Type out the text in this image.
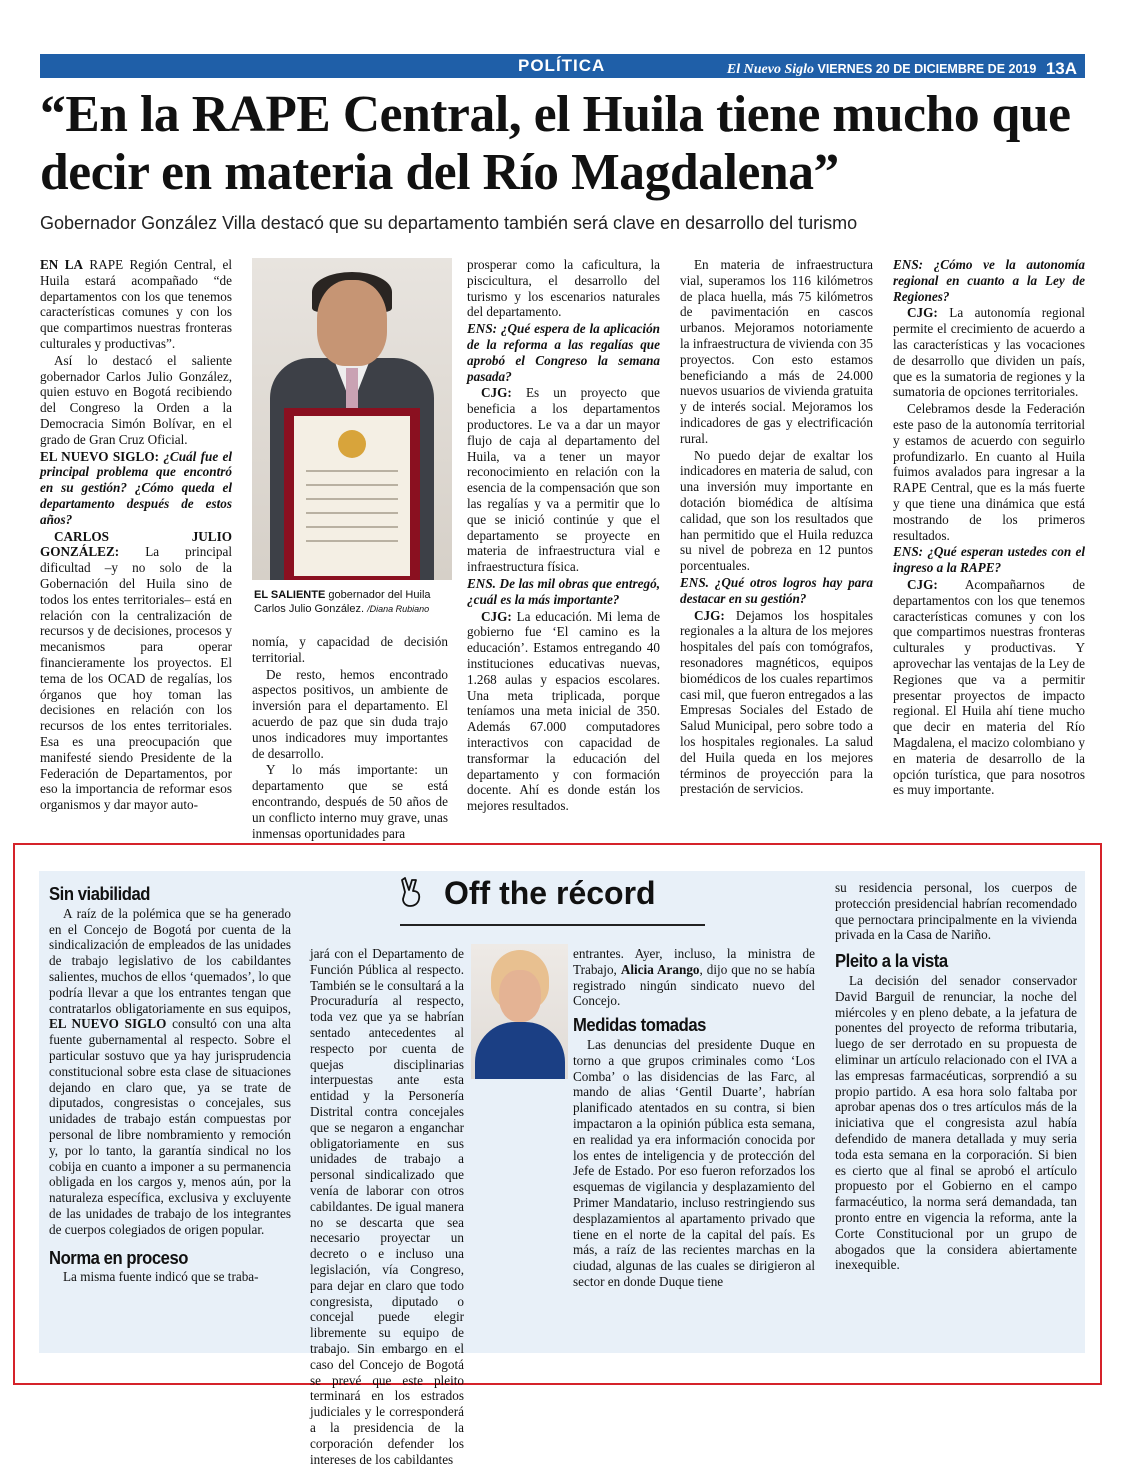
POLÍTICA	El Nuevo Siglo VIERNES 20 DE DICIEMBRE DE 2019 13A
“En la RAPE Central, el Huila tiene mucho que decir en materia del Río Magdalena”
Gobernador González Villa destacó que su departamento también será clave en desarrollo del turismo

EN LA RAPE Región Central, el Huila estará acompañado “de departamentos con los que tenemos características comunes y con los que compartimos nuestras fronteras culturales y productivas”.

Así lo destacó el saliente gobernador Carlos Julio González, quien estuvo en Bogotá recibiendo del Congreso la Orden a la Democracia Simón Bolívar, en el grado de Gran Cruz Oficial.

EL NUEVO SIGLO: ¿Cuál fue el principal problema que encontró en su gestión? ¿Cómo queda el departamento después de estos años?

CARLOS JULIO GONZÁLEZ: La principal dificultad –y no solo de la Gobernación del Huila sino de todos los entes territoriales– está en relación con la centralización de recursos y de decisiones, procesos y mecanismos para operar financieramente los proyectos. El tema de los OCAD de regalías, los órganos que hoy toman las decisiones en relación con los recursos de los entes territoriales. Esa es una preocupación que manifesté siendo Presidente de la Federación de Departamentos, por eso la importancia de reformar esos organismos y dar mayor auto-

EL SALIENTE gobernador del Huila Carlos Julio González. /Diana Rubiano

nomía, y capacidad de decisión territorial.

De resto, hemos encontrado aspectos positivos, un ambiente de inversión para el departamento. El acuerdo de paz que sin duda trajo unos indicadores muy importantes de desarrollo.

Y lo más importante: un departamento que se está encontrando, después de 50 años de un conflicto interno muy grave, unas inmensas oportunidades para

prosperar como la caficultura, la piscicultura, el desarrollo del turismo y los escenarios naturales del departamento.

ENS: ¿Qué espera de la aplicación de la reforma a las regalías que aprobó el Congreso la semana pasada?

CJG: Es un proyecto que beneficia a los departamentos productores. Le va a dar un mayor flujo de caja al departamento del Huila, va a tener un mayor reconocimiento en relación con la esencia de la compensación que son las regalías y va a permitir que lo que se inició continúe y que el departamento se proyecte en materia de infraestructura vial e infraestructura física.

ENS. De las mil obras que entregó, ¿cuál es la más importante?

CJG: La educación. Mi lema de gobierno fue ‘El camino es la educación’. Estamos entregando 40 instituciones educativas nuevas, 1.268 aulas y espacios escolares. Una meta triplicada, porque teníamos una meta inicial de 350. Además 67.000 computadores interactivos con capacidad de transformar la educación del departamento y con formación docente. Ahí es donde están los mejores resultados.

En materia de infraestructura vial, superamos los 116 kilómetros de placa huella, más 75 kilómetros de pavimentación en cascos urbanos. Mejoramos notoriamente la infraestructura de vivienda con 35 proyectos. Con esto estamos beneficiando a más de 24.000 nuevos usuarios de vivienda gratuita y de interés social. Mejoramos los indicadores de gas y electrificación rural.

No puedo dejar de exaltar los indicadores en materia de salud, con una inversión muy importante en dotación biomédica de altísima calidad, que son los resultados que han permitido que el Huila reduzca su nivel de pobreza en 12 puntos porcentuales.

ENS. ¿Qué otros logros hay para destacar en su gestión?

CJG: Dejamos los hospitales regionales a la altura de los mejores hospitales del país con tomógrafos, resonadores magnéticos, equipos biomédicos de los cuales repartimos casi mil, que fueron entregados a las Empresas Sociales del Estado de Salud Municipal, pero sobre todo a los hospitales regionales. La salud del Huila queda en los mejores términos de proyección para la prestación de servicios.

ENS: ¿Cómo ve la autonomía regional en cuanto a la Ley de Regiones?

CJG: La autonomía regional permite el crecimiento de acuerdo a las características y las vocaciones de desarrollo que dividen un país, que es la sumatoria de regiones y la sumatoria de opciones territoriales.

Celebramos desde la Federación este paso de la autonomía territorial y estamos de acuerdo con seguirlo profundizarlo. En cuanto al Huila fuimos avalados para ingresar a la RAPE Central, que es la más fuerte y que tiene una dinámica que está mostrando de los primeros resultados.

ENS: ¿Qué esperan ustedes con el ingreso a la RAPE?

CJG: Acompañarnos de departamentos con los que tenemos características comunes y con los que compartimos nuestras fronteras culturales y productivas. Y aprovechar las ventajas de la Ley de Regiones que va a permitir presentar proyectos de impacto regional. El Huila ahí tiene mucho que decir en materia del Río Magdalena, el macizo colombiano y en materia de desarrollo de la opción turística, que para nosotros es muy importante.

Off the récord
Sin viabilidad

A raíz de la polémica que se ha generado en el Concejo de Bogotá por cuenta de la sindicalización de empleados de las unidades de trabajo legislativo de los cabildantes salientes, muchos de ellos ‘quemados’, lo que podría llevar a que los entrantes tengan que contratarlos obligatoriamente en sus equipos, EL NUEVO SIGLO consultó con una alta fuente gubernamental al respecto. Sobre el particular sostuvo que ya hay jurisprudencia constitucional sobre esta clase de situaciones dejando en claro que, ya se trate de diputados, congresistas o concejales, sus unidades de trabajo están compuestas por personal de libre nombramiento y remoción y, por lo tanto, la garantía sindical no los cobija en cuanto a imponer a su permanencia obligada en los cargos y, menos aún, por la naturaleza específica, exclusiva y excluyente de las unidades de trabajo de los integrantes de cuerpos colegiados de origen popular.

Norma en proceso

La misma fuente indicó que se traba-

jará con el Departamento de Función Pública al respecto. También se le consultará a la Procuraduría al respecto, toda vez que ya se habrían sentado antecedentes al respecto por cuenta de quejas disciplinarias interpuestas ante esta entidad y la Personería Distrital contra concejales que se negaron a enganchar obligatoriamente en sus unidades de trabajo a personal sindicalizado que venía de laborar con otros cabildantes. De igual manera no se descarta que sea necesario proyectar un decreto o e incluso una legislación, vía Congreso, para dejar en claro que todo congresista, diputado o concejal puede elegir libremente su equipo de trabajo. Sin embargo en el caso del Concejo de Bogotá se prevé que este pleito terminará en los estrados judiciales y le corresponderá a la presidencia de la corporación defender los intereses de los cabildantes

entrantes. Ayer, incluso, la ministra de Trabajo, Alicia Arango, dijo que no se había registrado ningún sindicato nuevo del Concejo.

Medidas tomadas

Las denuncias del presidente Duque en torno a que grupos criminales como ‘Los Comba’ o las disidencias de las Farc, al mando de alias ‘Gentil Duarte’, habrían planificado atentados en su contra, si bien impactaron a la opinión pública esta semana, en realidad ya era información conocida por los entes de inteligencia y de protección del Jefe de Estado. Por eso fueron reforzados los esquemas de vigilancia y desplazamiento del Primer Mandatario, incluso restringiendo sus desplazamientos al apartamento privado que tiene en el norte de la capital del país. Es más, a raíz de las recientes marchas en la ciudad, algunas de las cuales se dirigieron al sector en donde Duque tiene

su residencia personal, los cuerpos de protección presidencial habrían recomendado que pernoctara principalmente en la vivienda privada en la Casa de Nariño.

Pleito a la vista

La decisión del senador conservador David Barguil de renunciar, la noche del miércoles y en pleno debate, a la jefatura de ponentes del proyecto de reforma tributaria, luego de ser derrotado en su propuesta de eliminar un artículo relacionado con el IVA a las empresas farmacéuticas, sorprendió a su propio partido. A esa hora solo faltaba por aprobar apenas dos o tres artículos más de la iniciativa que el congresista azul había defendido de manera detallada y muy seria toda esta semana en la corporación. Si bien es cierto que al final se aprobó el artículo propuesto por el Gobierno en el campo farmacéutico, la norma será demandada, tan pronto entre en vigencia la reforma, ante la Corte Constitucional por un grupo de abogados que la considera abiertamente inexequible.
